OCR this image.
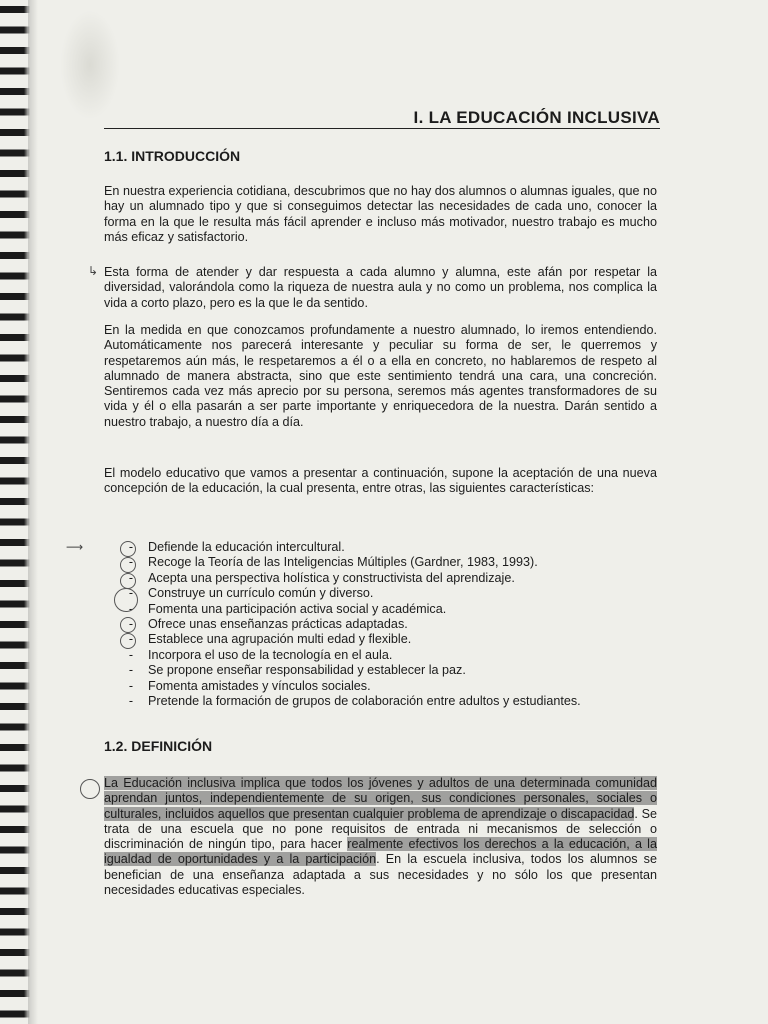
I. LA EDUCACIÓN INCLUSIVA
1.1. INTRODUCCIÓN

En nuestra experiencia cotidiana, descubrimos que no hay dos alumnos o alumnas iguales, que no hay un alumnado tipo y que si conseguimos detectar las necesidades de cada uno, conocer la forma en la que le resulta más fácil aprender e incluso más motivador, nuestro trabajo es mucho más eficaz y satisfactorio.

Esta forma de atender y dar respuesta a cada alumno y alumna, este afán por respetar la diversidad, valorándola como la riqueza de nuestra aula y no como un problema, nos complica la vida a corto plazo, pero es la que le da sentido.

En la medida en que conozcamos profundamente a nuestro alumnado, lo iremos entendiendo. Automáticamente nos parecerá interesante y peculiar su forma de ser, le querremos y respetaremos aún más, le respetaremos a él o a ella en concreto, no hablaremos de respeto al alumnado de manera abstracta, sino que este sentimiento tendrá una cara, una concreción. Sentiremos cada vez más aprecio por su persona, seremos más agentes transformadores de su vida y él o ella pasarán a ser parte importante y enriquecedora de la nuestra. Darán sentido a nuestro trabajo, a nuestro día a día.

El modelo educativo que vamos a presentar a continuación, supone la aceptación de una nueva concepción de la educación, la cual presenta, entre otras, las siguientes características:

-	Defiende la educación intercultural.
-	Recoge la Teoría de las Inteligencias Múltiples (Gardner, 1983, 1993).
-	Acepta una perspectiva holística y constructivista del aprendizaje.
-	Construye un currículo común y diverso.
-	Fomenta una participación activa social y académica.
-	Ofrece unas enseñanzas prácticas adaptadas.
-	Establece una agrupación multi edad y flexible.
-	Incorpora el uso de la tecnología en el aula.
-	Se propone enseñar responsabilidad y establecer la paz.
-	Fomenta amistades y vínculos sociales.
-	Pretende la formación de grupos de colaboración entre adultos y estudiantes.
1.2. DEFINICIÓN

La Educación inclusiva implica que todos los jóvenes y adultos de una determinada comunidad aprendan juntos, independientemente de su origen, sus condiciones personales, sociales o culturales, incluidos aquellos que presentan cualquier problema de aprendizaje o discapacidad. Se trata de una escuela que no pone requisitos de entrada ni mecanismos de selección o discriminación de ningún tipo, para hacer realmente efectivos los derechos a la educación, a la igualdad de oportunidades y a la participación. En la escuela inclusiva, todos los alumnos se benefician de una enseñanza adaptada a sus necesidades y no sólo los que presentan necesidades educativas especiales.

↳
⟶
